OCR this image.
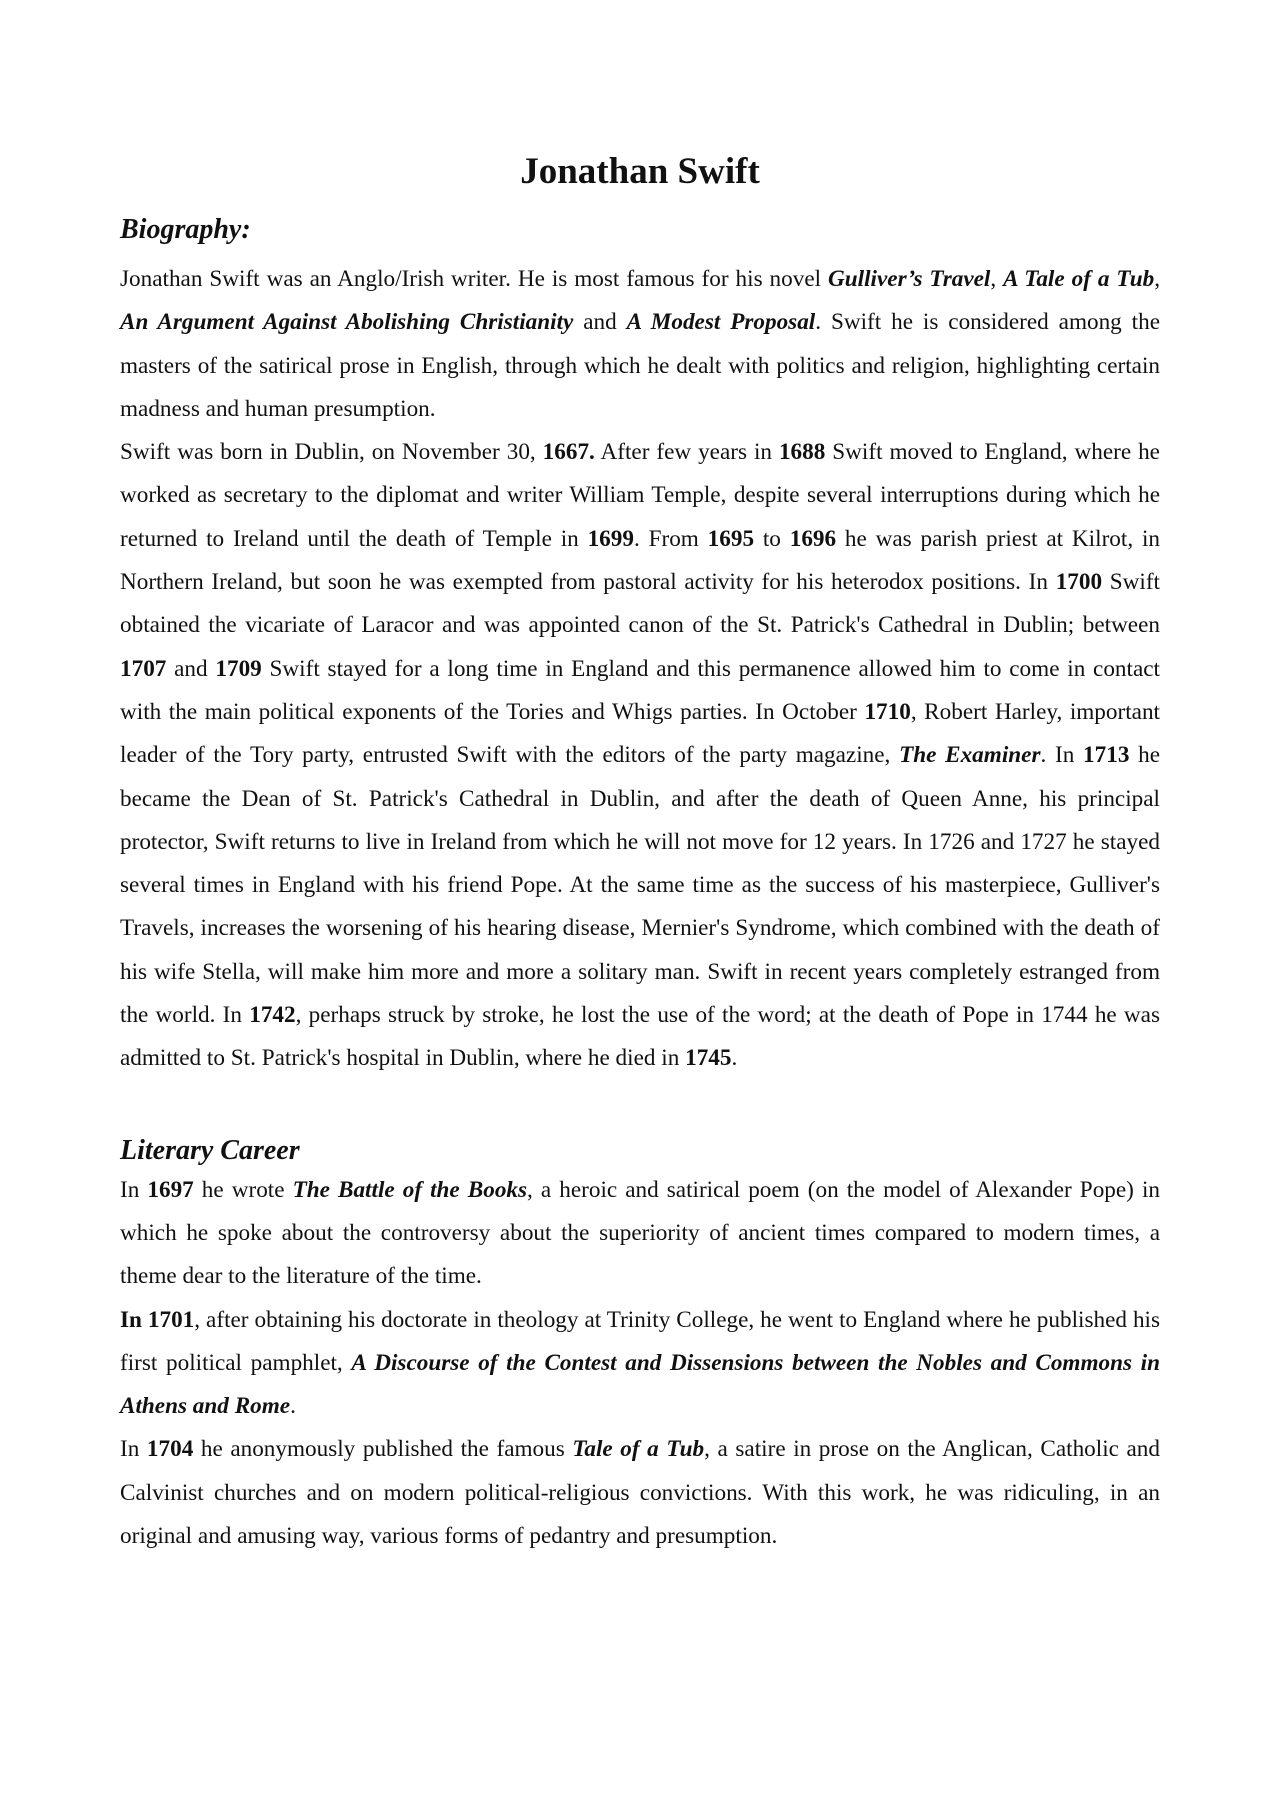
Jonathan Swift
Biography:

Jonathan Swift was an Anglo/Irish writer. He is most famous for his novel Gulliver’s Travel, A Tale of a Tub, An Argument Against Abolishing Christianity and A Modest Proposal. Swift he is considered among the masters of the satirical prose in English, through which he dealt with politics and religion, highlighting certain madness and human presumption.

Swift was born in Dublin, on November 30, 1667. After few years in 1688 Swift moved to England, where he worked as secretary to the diplomat and writer William Temple, despite several interruptions during which he returned to Ireland until the death of Temple in 1699. From 1695 to 1696 he was parish priest at Kilrot, in Northern Ireland, but soon he was exempted from pastoral activity for his heterodox positions. In 1700 Swift obtained the vicariate of Laracor and was appointed canon of the St. Patrick's Cathedral in Dublin; between 1707 and 1709 Swift stayed for a long time in England and this permanence allowed him to come in contact with the main political exponents of the Tories and Whigs parties. In October 1710, Robert Harley, important leader of the Tory party, entrusted Swift with the editors of the party magazine, The Examiner. In 1713 he became the Dean of St. Patrick's Cathedral in Dublin, and after the death of Queen Anne, his principal protector, Swift returns to live in Ireland from which he will not move for 12 years. In 1726 and 1727 he stayed several times in England with his friend Pope. At the same time as the success of his masterpiece, Gulliver's Travels, increases the worsening of his hearing disease, Mernier's Syndrome, which combined with the death of his wife Stella, will make him more and more a solitary man. Swift in recent years completely estranged from the world. In 1742, perhaps struck by stroke, he lost the use of the word; at the death of Pope in 1744 he was admitted to St. Patrick's hospital in Dublin, where he died in 1745.

Literary Career

In 1697 he wrote The Battle of the Books, a heroic and satirical poem (on the model of Alexander Pope) in which he spoke about the controversy about the superiority of ancient times compared to modern times, a theme dear to the literature of the time.

In 1701, after obtaining his doctorate in theology at Trinity College, he went to England where he published his first political pamphlet, A Discourse of the Contest and Dissensions between the Nobles and Commons in Athens and Rome.

In 1704 he anonymously published the famous Tale of a Tub, a satire in prose on the Anglican, Catholic and Calvinist churches and on modern political-religious convictions. With this work, he was ridiculing, in an original and amusing way, various forms of pedantry and presumption.
